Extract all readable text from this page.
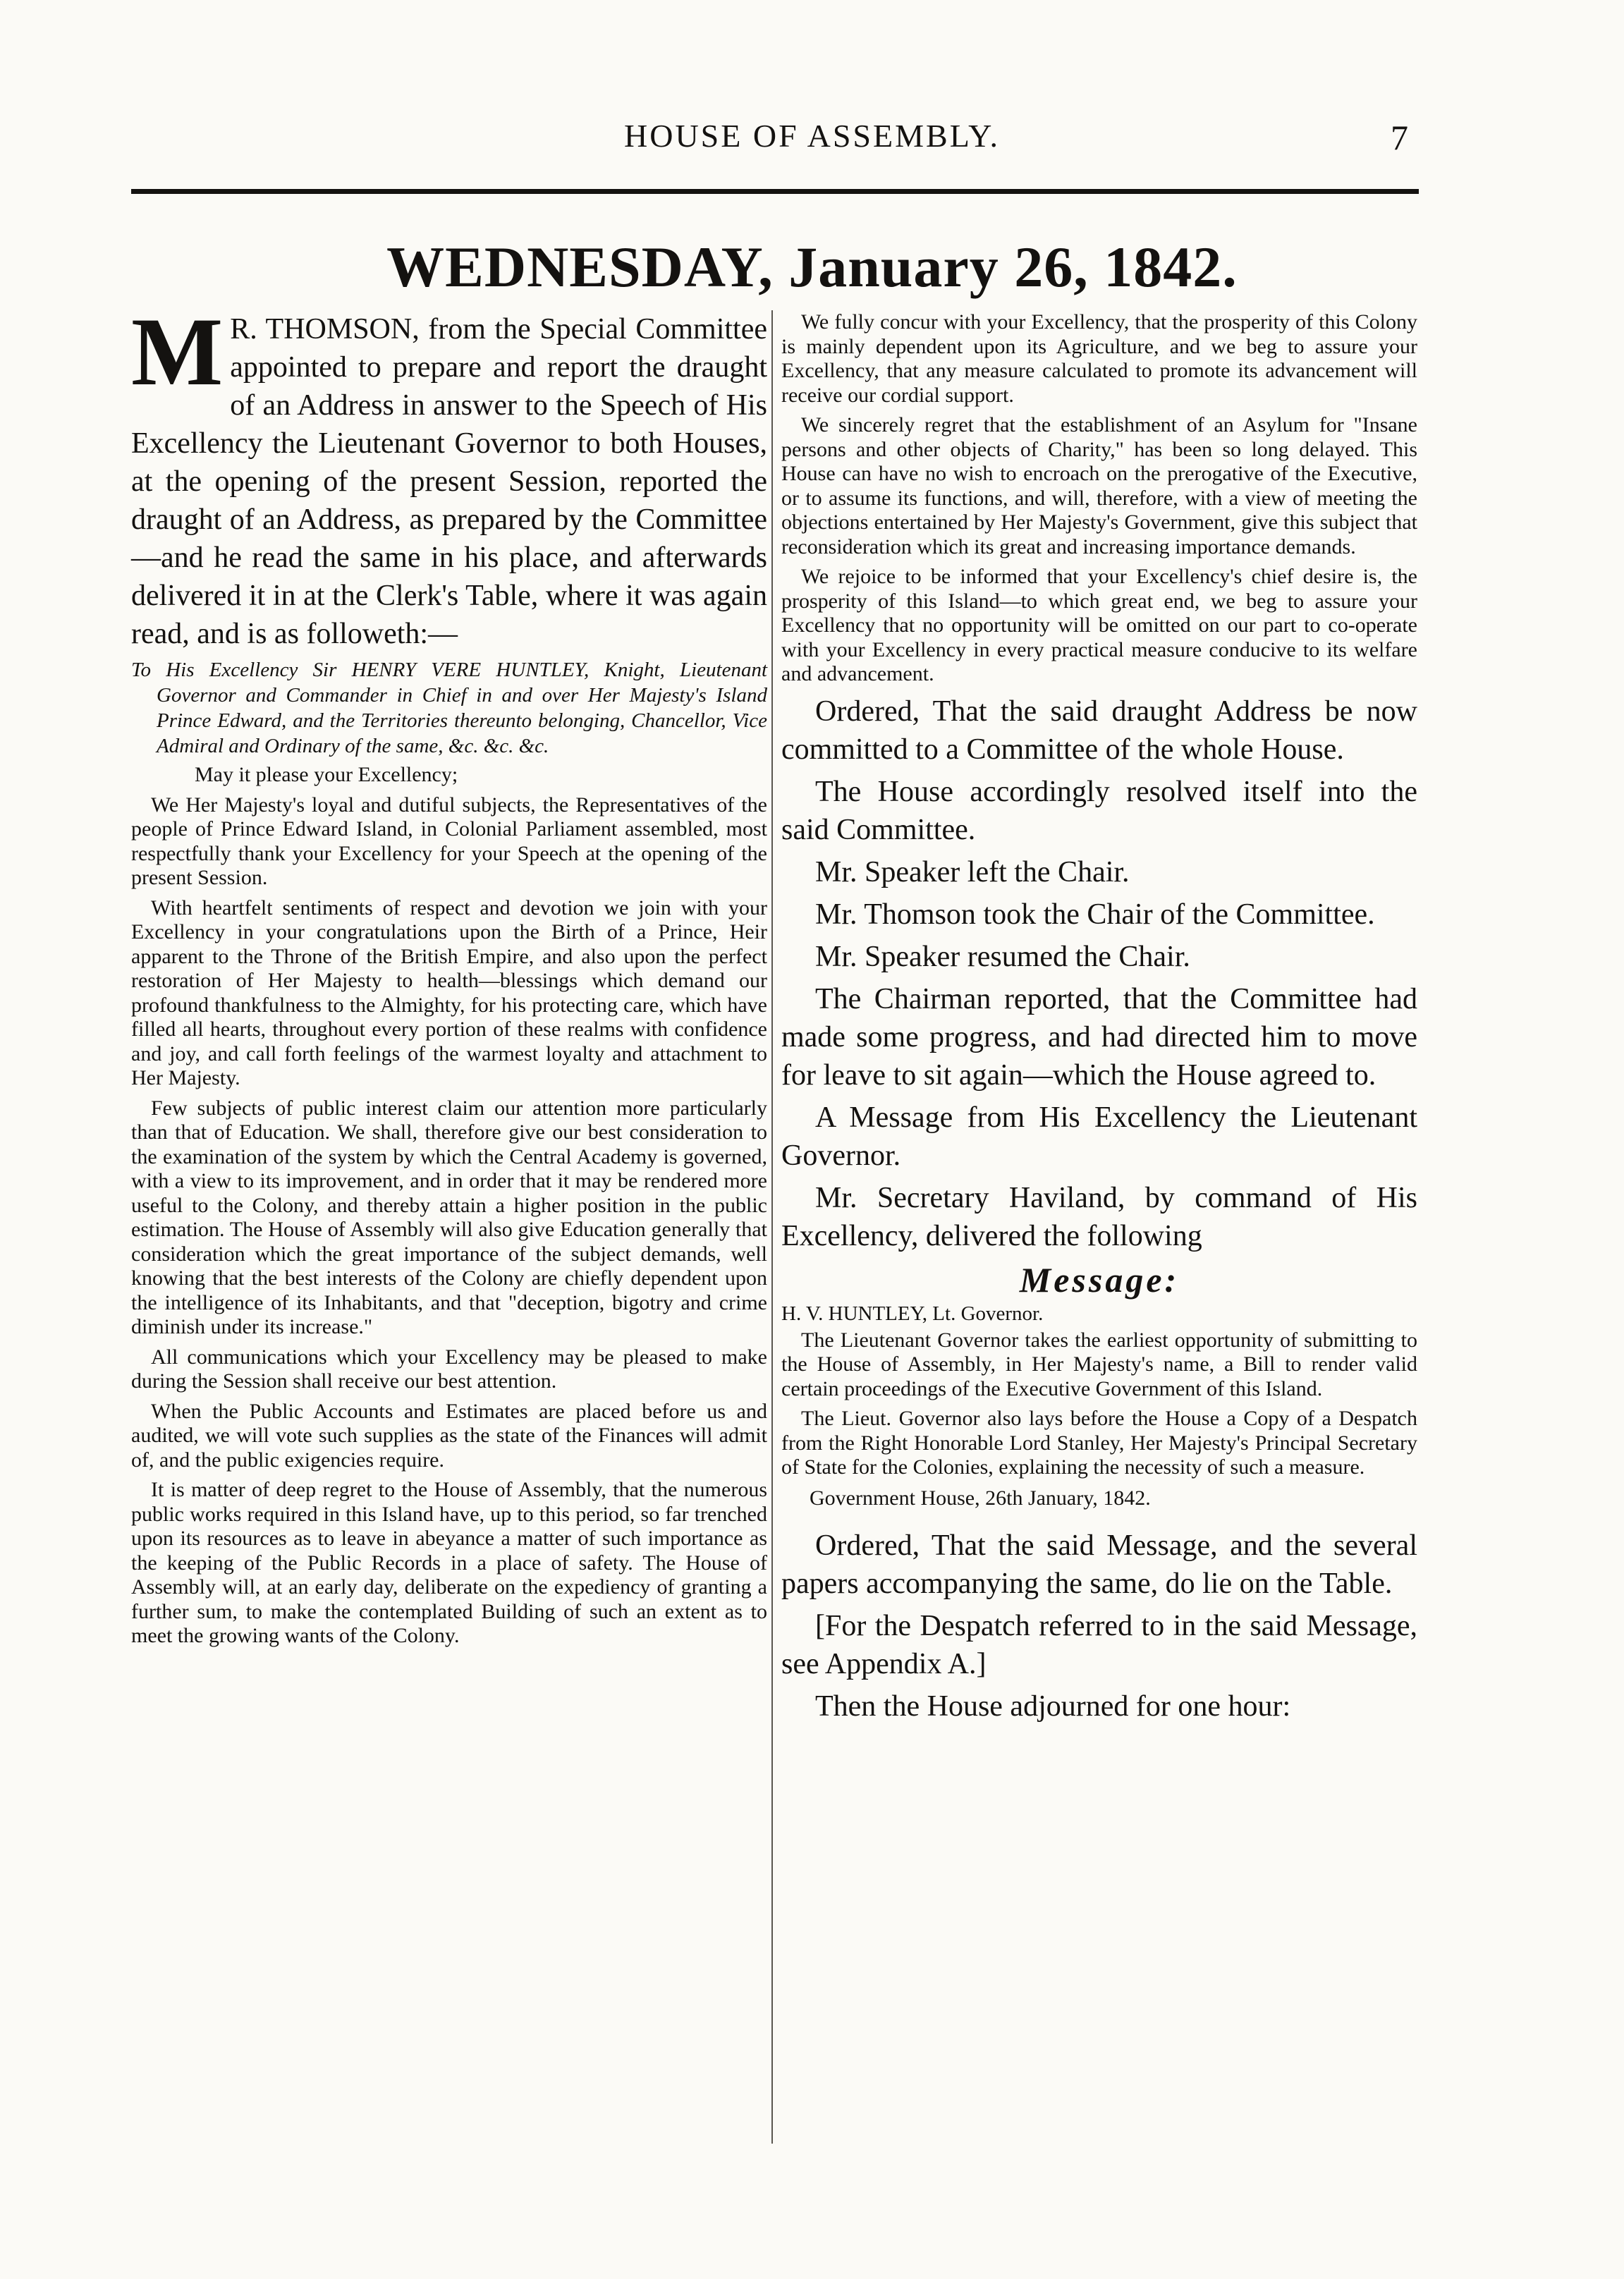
HOUSE OF ASSEMBLY.	7
WEDNESDAY, January 26, 1842.

M R. THOMSON, from the Special Committee appointed to prepare and report the draught of an Address in answer to the Speech of His Excellency the Lieutenant Governor to both Houses, at the opening of the present Session, reported the draught of an Address, as prepared by the Committee—and he read the same in his place, and afterwards delivered it in at the Clerk's Table, where it was again read, and is as followeth:—

To His Excellency Sir HENRY VERE HUNTLEY, Knight, Lieutenant Governor and Commander in Chief in and over Her Majesty's Island Prince Edward, and the Territories thereunto belonging, Chancellor, Vice Admiral and Ordinary of the same, &c. &c. &c.

May it please your Excellency;

We Her Majesty's loyal and dutiful subjects, the Representatives of the people of Prince Edward Island, in Colonial Parliament assembled, most respectfully thank your Excellency for your Speech at the opening of the present Session.

With heartfelt sentiments of respect and devotion we join with your Excellency in your congratulations upon the Birth of a Prince, Heir apparent to the Throne of the British Empire, and also upon the perfect restoration of Her Majesty to health—blessings which demand our profound thankfulness to the Almighty, for his protecting care, which have filled all hearts, throughout every portion of these realms with confidence and joy, and call forth feelings of the warmest loyalty and attachment to Her Majesty.

Few subjects of public interest claim our attention more particularly than that of Education. We shall, therefore give our best consideration to the examination of the system by which the Central Academy is governed, with a view to its improvement, and in order that it may be rendered more useful to the Colony, and thereby attain a higher position in the public estimation. The House of Assembly will also give Education generally that consideration which the great importance of the subject demands, well knowing that the best interests of the Colony are chiefly dependent upon the intelligence of its Inhabitants, and that "deception, bigotry and crime diminish under its increase."

All communications which your Excellency may be pleased to make during the Session shall receive our best attention.

When the Public Accounts and Estimates are placed before us and audited, we will vote such supplies as the state of the Finances will admit of, and the public exigencies require.

It is matter of deep regret to the House of Assembly, that the numerous public works required in this Island have, up to this period, so far trenched upon its resources as to leave in abeyance a matter of such importance as the keeping of the Public Records in a place of safety. The House of Assembly will, at an early day, deliberate on the expediency of granting a further sum, to make the contemplated Building of such an extent as to meet the growing wants of the Colony.

We fully concur with your Excellency, that the prosperity of this Colony is mainly dependent upon its Agriculture, and we beg to assure your Excellency, that any measure calculated to promote its advancement will receive our cordial support.

We sincerely regret that the establishment of an Asylum for "Insane persons and other objects of Charity," has been so long delayed. This House can have no wish to encroach on the prerogative of the Executive, or to assume its functions, and will, therefore, with a view of meeting the objections entertained by Her Majesty's Government, give this subject that reconsideration which its great and increasing importance demands.

We rejoice to be informed that your Excellency's chief desire is, the prosperity of this Island—to which great end, we beg to assure your Excellency that no opportunity will be omitted on our part to co-operate with your Excellency in every practical measure conducive to its welfare and advancement.

Ordered, That the said draught Address be now committed to a Committee of the whole House.

The House accordingly resolved itself into the said Committee.

Mr. Speaker left the Chair.

Mr. Thomson took the Chair of the Committee.

Mr. Speaker resumed the Chair.

The Chairman reported, that the Committee had made some progress, and had directed him to move for leave to sit again—which the House agreed to.

A Message from His Excellency the Lieutenant Governor.

Mr. Secretary Haviland, by command of His Excellency, delivered the following

Message:

H. V. HUNTLEY, Lt. Governor.

The Lieutenant Governor takes the earliest opportunity of submitting to the House of Assembly, in Her Majesty's name, a Bill to render valid certain proceedings of the Executive Government of this Island.

The Lieut. Governor also lays before the House a Copy of a Despatch from the Right Honorable Lord Stanley, Her Majesty's Principal Secretary of State for the Colonies, explaining the necessity of such a measure.

Government House, 26th January, 1842.

Ordered, That the said Message, and the several papers accompanying the same, do lie on the Table.

[For the Despatch referred to in the said Message, see Appendix A.]

Then the House adjourned for one hour:
